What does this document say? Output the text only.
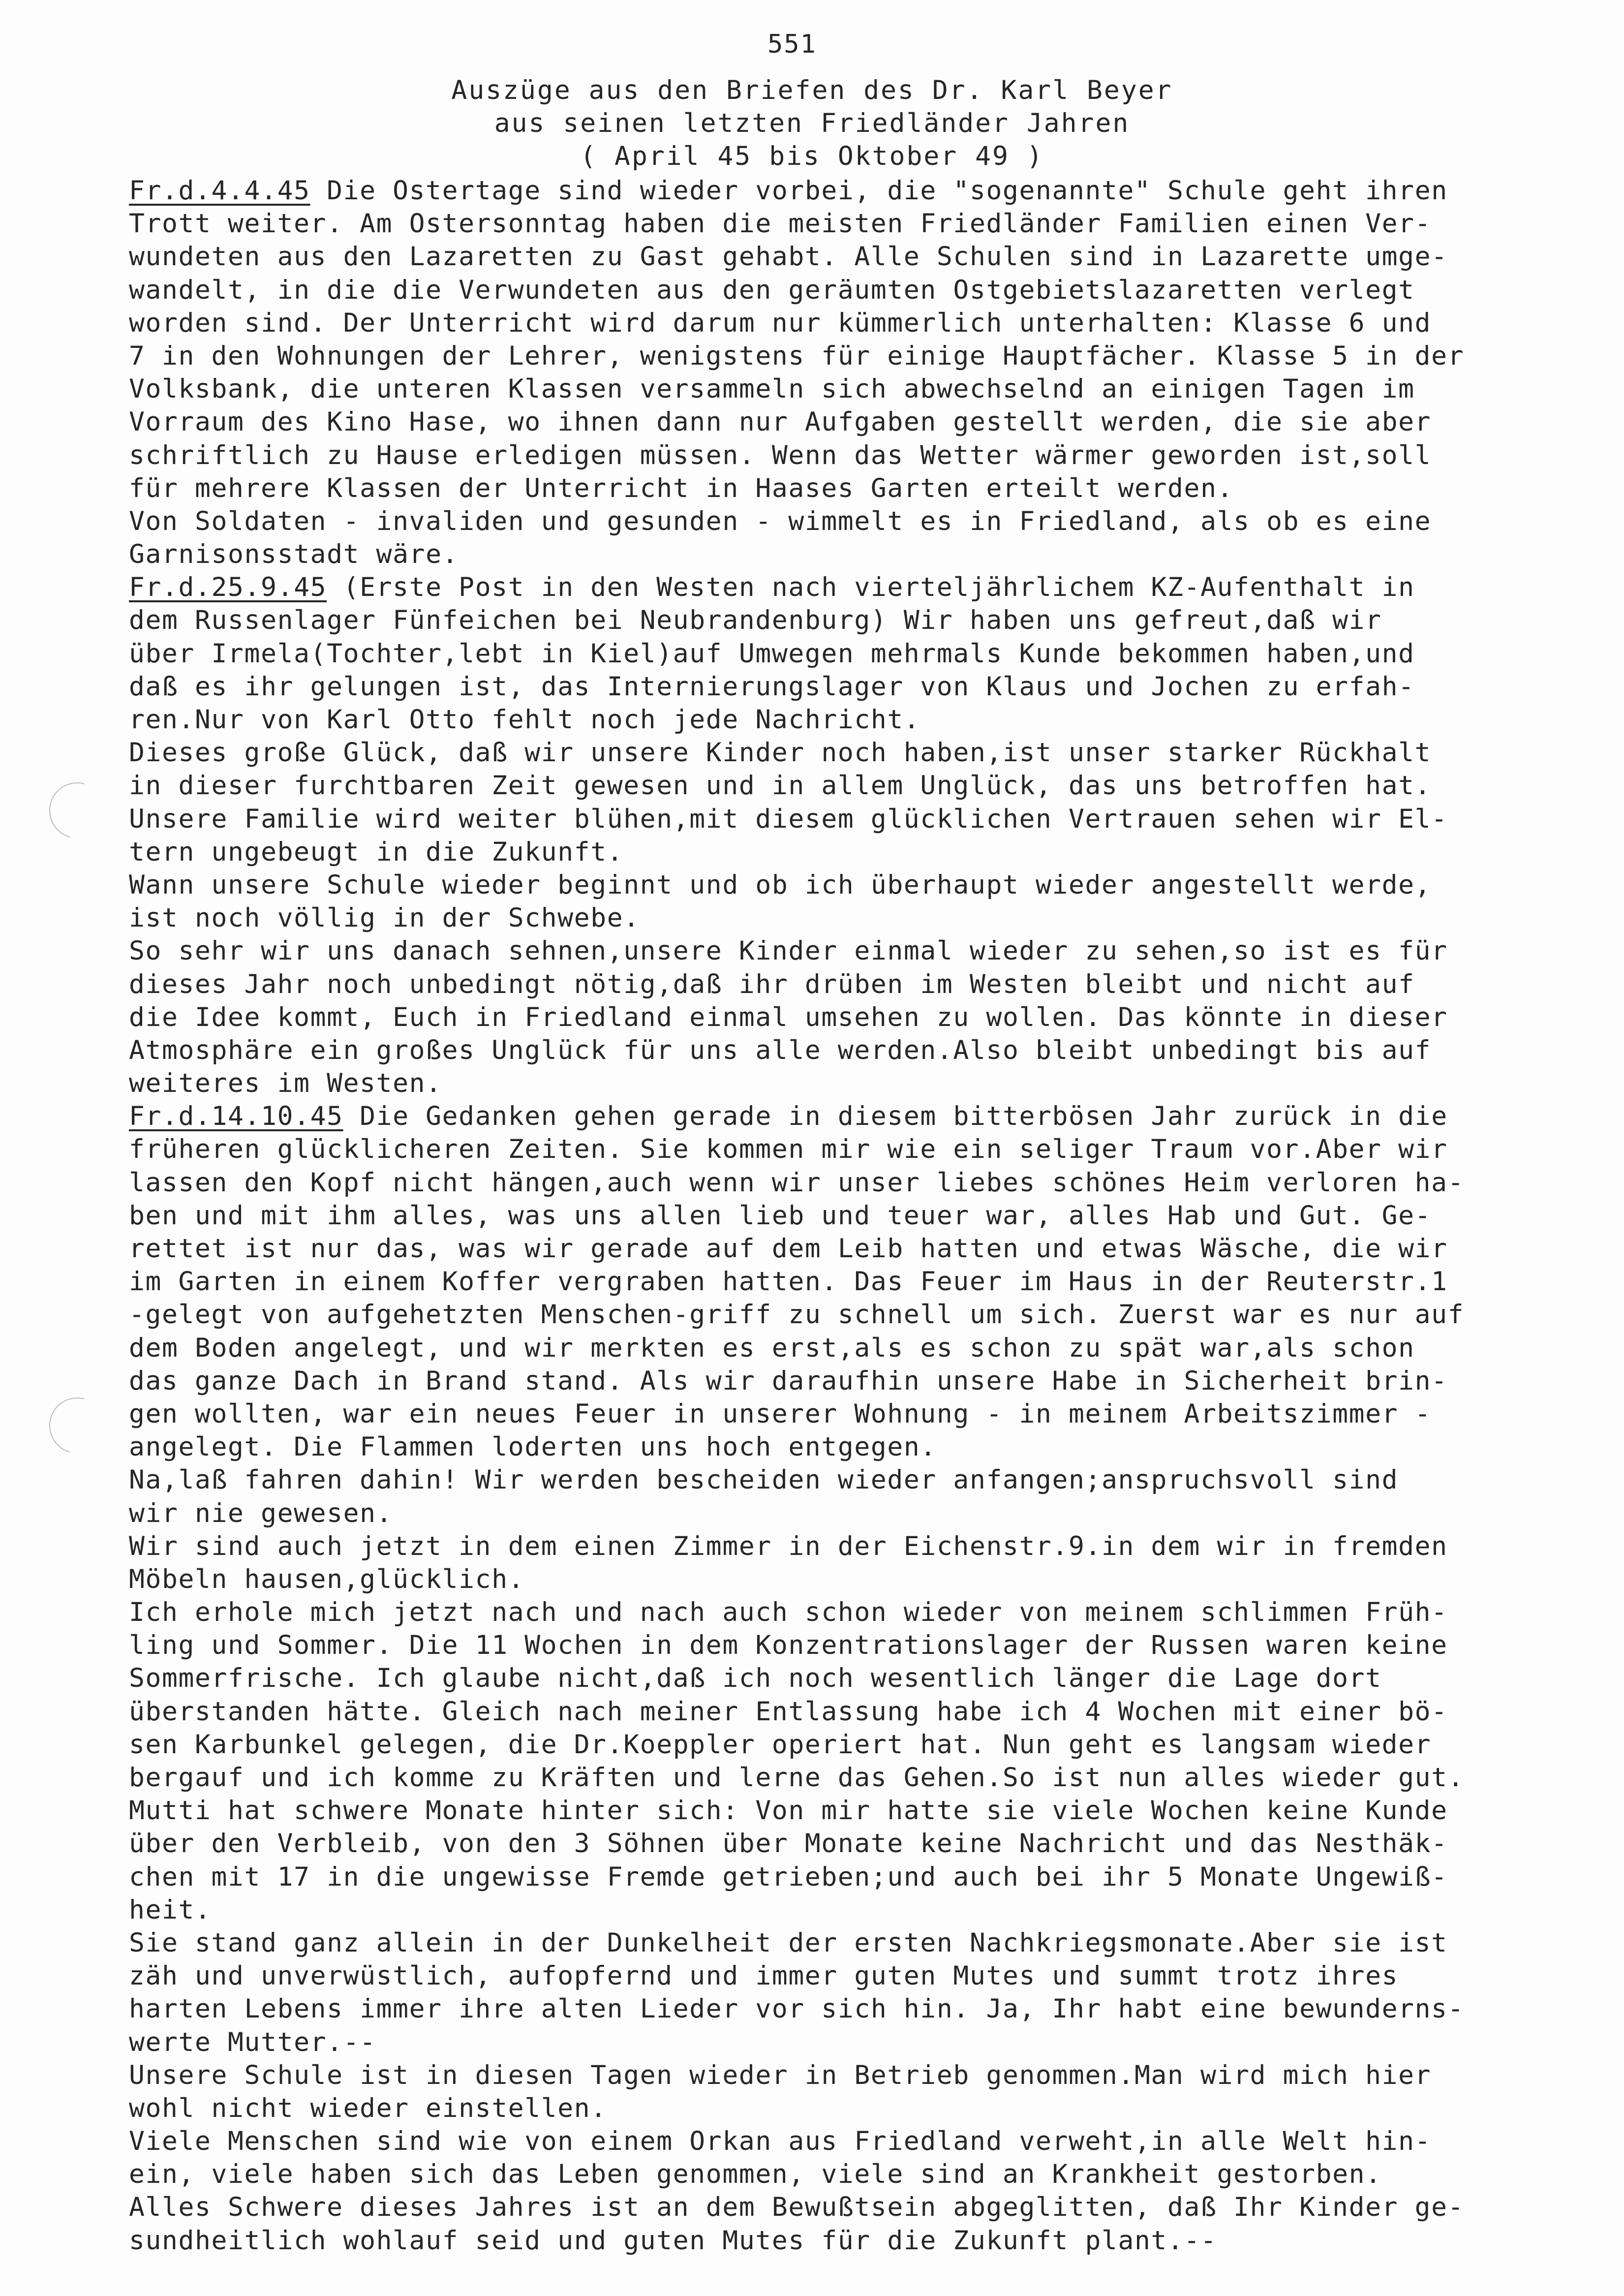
551
Auszüge aus den Briefen des Dr. Karl Beyer
aus seinen letzten Friedländer Jahren
( April 45 bis Oktober 49 )
Fr.d.4.4.45 Die Ostertage sind wieder vorbei, die "sogenannte" Schule geht ihren
Trott weiter. Am Ostersonntag haben die meisten Friedländer Familien einen Ver-
wundeten aus den Lazaretten zu Gast gehabt. Alle Schulen sind in Lazarette umge-
wandelt, in die die Verwundeten aus den geräumten Ostgebietslazaretten verlegt
worden sind. Der Unterricht wird darum nur kümmerlich unterhalten: Klasse 6 und
7 in den Wohnungen der Lehrer, wenigstens für einige Hauptfächer. Klasse 5 in der
Volksbank, die unteren Klassen versammeln sich abwechselnd an einigen Tagen im
Vorraum des Kino Hase, wo ihnen dann nur Aufgaben gestellt werden, die sie aber
schriftlich zu Hause erledigen müssen. Wenn das Wetter wärmer geworden ist,soll
für mehrere Klassen der Unterricht in Haases Garten erteilt werden.
Von Soldaten - invaliden und gesunden - wimmelt es in Friedland, als ob es eine
Garnisonsstadt wäre.
Fr.d.25.9.45 (Erste Post in den Westen nach vierteljährlichem KZ-Aufenthalt in
dem Russenlager Fünfeichen bei Neubrandenburg) Wir haben uns gefreut,daß wir
über Irmela(Tochter,lebt in Kiel)auf Umwegen mehrmals Kunde bekommen haben,und
daß es ihr gelungen ist, das Internierungslager von Klaus und Jochen zu erfah-
ren.Nur von Karl Otto fehlt noch jede Nachricht.
Dieses große Glück, daß wir unsere Kinder noch haben,ist unser starker Rückhalt
in dieser furchtbaren Zeit gewesen und in allem Unglück, das uns betroffen hat.
Unsere Familie wird weiter blühen,mit diesem glücklichen Vertrauen sehen wir El-
tern ungebeugt in die Zukunft.
Wann unsere Schule wieder beginnt und ob ich überhaupt wieder angestellt werde,
ist noch völlig in der Schwebe.
So sehr wir uns danach sehnen,unsere Kinder einmal wieder zu sehen,so ist es für
dieses Jahr noch unbedingt nötig,daß ihr drüben im Westen bleibt und nicht auf
die Idee kommt, Euch in Friedland einmal umsehen zu wollen. Das könnte in dieser
Atmosphäre ein großes Unglück für uns alle werden.Also bleibt unbedingt bis auf
weiteres im Westen.
Fr.d.14.10.45 Die Gedanken gehen gerade in diesem bitterbösen Jahr zurück in die
früheren glücklicheren Zeiten. Sie kommen mir wie ein seliger Traum vor.Aber wir
lassen den Kopf nicht hängen,auch wenn wir unser liebes schönes Heim verloren ha-
ben und mit ihm alles, was uns allen lieb und teuer war, alles Hab und Gut. Ge-
rettet ist nur das, was wir gerade auf dem Leib hatten und etwas Wäsche, die wir
im Garten in einem Koffer vergraben hatten. Das Feuer im Haus in der Reuterstr.1
-gelegt von aufgehetzten Menschen-griff zu schnell um sich. Zuerst war es nur auf
dem Boden angelegt, und wir merkten es erst,als es schon zu spät war,als schon
das ganze Dach in Brand stand. Als wir daraufhin unsere Habe in Sicherheit brin-
gen wollten, war ein neues Feuer in unserer Wohnung - in meinem Arbeitszimmer -
angelegt. Die Flammen loderten uns hoch entgegen.
Na,laß fahren dahin! Wir werden bescheiden wieder anfangen;anspruchsvoll sind
wir nie gewesen.
Wir sind auch jetzt in dem einen Zimmer in der Eichenstr.9.in dem wir in fremden
Möbeln hausen,glücklich.
Ich erhole mich jetzt nach und nach auch schon wieder von meinem schlimmen Früh-
ling und Sommer. Die 11 Wochen in dem Konzentrationslager der Russen waren keine
Sommerfrische. Ich glaube nicht,daß ich noch wesentlich länger die Lage dort
überstanden hätte. Gleich nach meiner Entlassung habe ich 4 Wochen mit einer bö-
sen Karbunkel gelegen, die Dr.Koeppler operiert hat. Nun geht es langsam wieder
bergauf und ich komme zu Kräften und lerne das Gehen.So ist nun alles wieder gut.
Mutti hat schwere Monate hinter sich: Von mir hatte sie viele Wochen keine Kunde
über den Verbleib, von den 3 Söhnen über Monate keine Nachricht und das Nesthäk-
chen mit 17 in die ungewisse Fremde getrieben;und auch bei ihr 5 Monate Ungewiß-
heit.
Sie stand ganz allein in der Dunkelheit der ersten Nachkriegsmonate.Aber sie ist
zäh und unverwüstlich, aufopfernd und immer guten Mutes und summt trotz ihres
harten Lebens immer ihre alten Lieder vor sich hin. Ja, Ihr habt eine bewunderns-
werte Mutter.--
Unsere Schule ist in diesen Tagen wieder in Betrieb genommen.Man wird mich hier
wohl nicht wieder einstellen.
Viele Menschen sind wie von einem Orkan aus Friedland verweht,in alle Welt hin-
ein, viele haben sich das Leben genommen, viele sind an Krankheit gestorben.
Alles Schwere dieses Jahres ist an dem Bewußtsein abgeglitten, daß Ihr Kinder ge-
sundheitlich wohlauf seid und guten Mutes für die Zukunft plant.--
